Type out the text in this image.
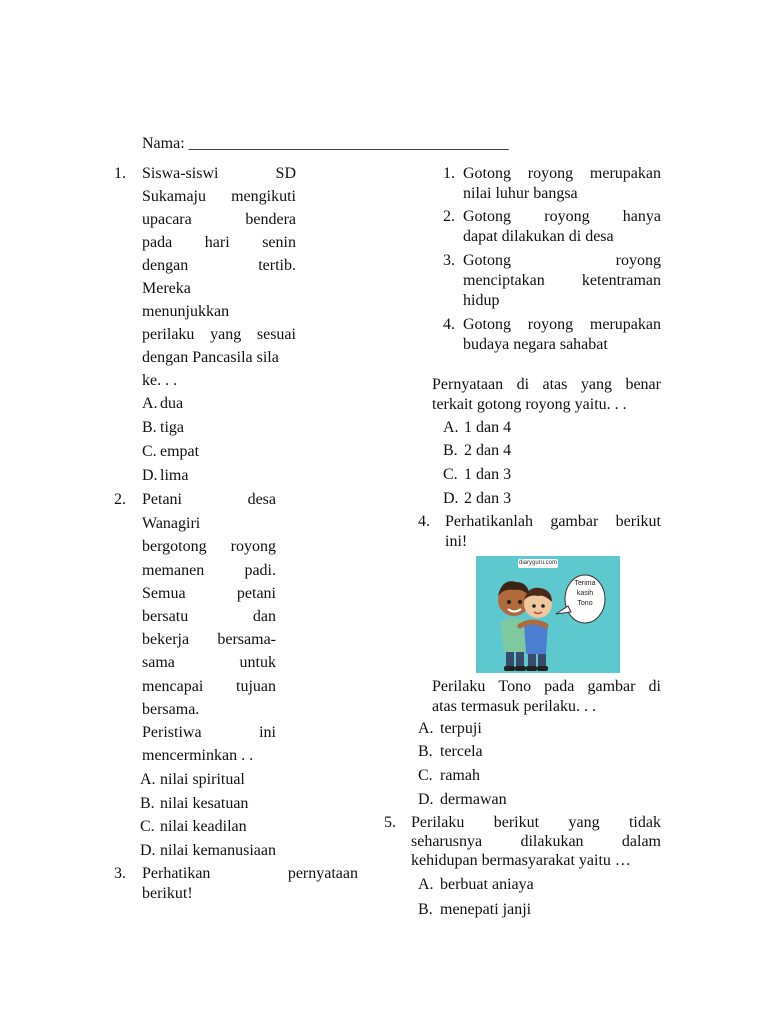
Nama: ________________________________________
1. Siswa-siswi	SD
Sukamaju mengikuti
upacara	bendera
pada hari senin
dengan	tertib.
Mereka
menunjukkan
perilaku yang sesuai
dengan Pancasila sila
ke. . .
A. dua
B. tiga
C. empat
D. lima
2. Petani	desa
Wanagiri
bergotong royong
memanen	padi.
Semua	petani
bersatu	dan
bekerja bersama-
sama	untuk
mencapai tujuan
bersama.
Peristiwa	ini
mencerminkan . .
A. nilai spiritual
B. nilai kesatuan
C. nilai keadilan
D. nilai kemanusiaan
3. Perhatikan	pernyataan
berikut!
1. Gotong royong merupakan
nilai luhur bangsa
2. Gotong royong hanya
dapat dilakukan di desa
3. Gotong	royong
menciptakan ketentraman
hidup
4. Gotong royong merupakan
budaya negara sahabat
Pernyataan di atas yang benar
terkait gotong royong yaitu. . .
A. 1 dan 4
B. 2 dan 4
C. 1 dan 3
D. 2 dan 3
4. Perhatikanlah gambar berikut
ini!
diaryguru.com
Terima
kasih
Tono
Perilaku Tono pada gambar di
atas termasuk perilaku. . .
A. terpuji
B. tercela
C. ramah
D. dermawan
5. Perilaku berikut yang tidak
seharusnya dilakukan dalam
kehidupan bermasyarakat yaitu …
A. berbuat aniaya
B. menepati janji
